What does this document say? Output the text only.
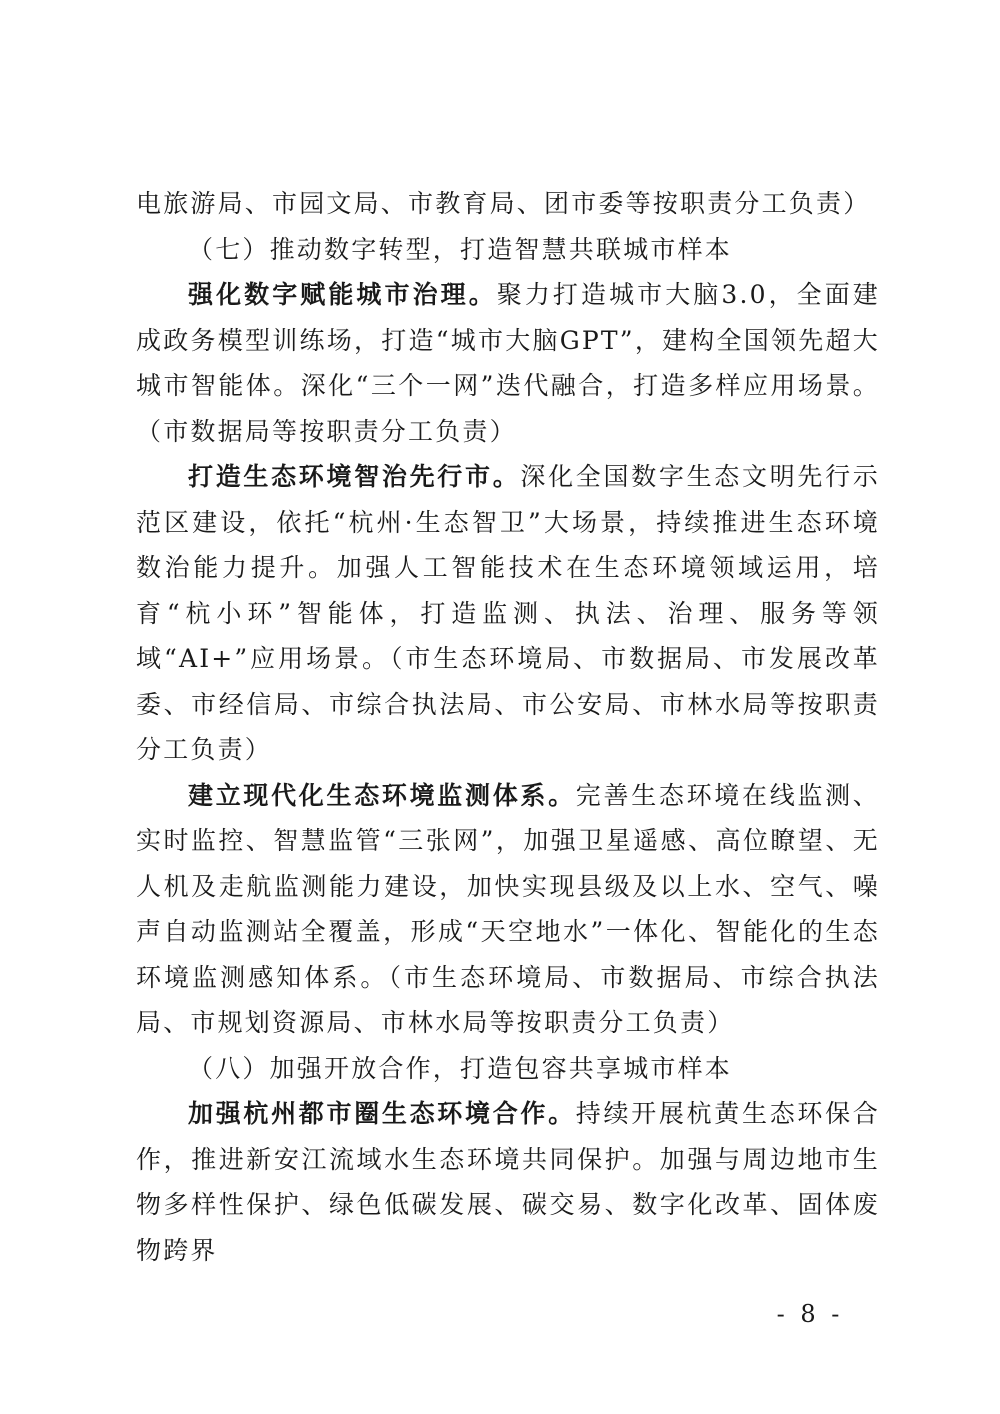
电旅游局、市园文局、市教育局、团市委等按职责分工负责）

（七）推动数字转型，打造智慧共联城市样本

强化数字赋能城市治理。聚力打造城市大脑3.0，全面建成政务模型训练场，打造“城市大脑GPT”，建构全国领先超大城市智能体。深化“三个一网”迭代融合，打造多样应用场景。（市数据局等按职责分工负责）

打造生态环境智治先行市。深化全国数字生态文明先行示范区建设，依托“杭州·生态智卫”大场景，持续推进生态环境数治能力提升。加强人工智能技术在生态环境领域运用，培育“杭小环”智能体，打造监测、执法、治理、服务等领域“AI+”应用场景。（市生态环境局、市数据局、市发展改革委、市经信局、市综合执法局、市公安局、市林水局等按职责分工负责）

建立现代化生态环境监测体系。完善生态环境在线监测、实时监控、智慧监管“三张网”，加强卫星遥感、高位瞭望、无人机及走航监测能力建设，加快实现县级及以上水、空气、噪声自动监测站全覆盖，形成“天空地水”一体化、智能化的生态环境监测感知体系。（市生态环境局、市数据局、市综合执法局、市规划资源局、市林水局等按职责分工负责）

（八）加强开放合作，打造包容共享城市样本

加强杭州都市圈生态环境合作。持续开展杭黄生态环保合作，推进新安江流域水生态环境共同保护。加强与周边地市生物多样性保护、绿色低碳发展、碳交易、数字化改革、固体废物跨界

- 8 -
